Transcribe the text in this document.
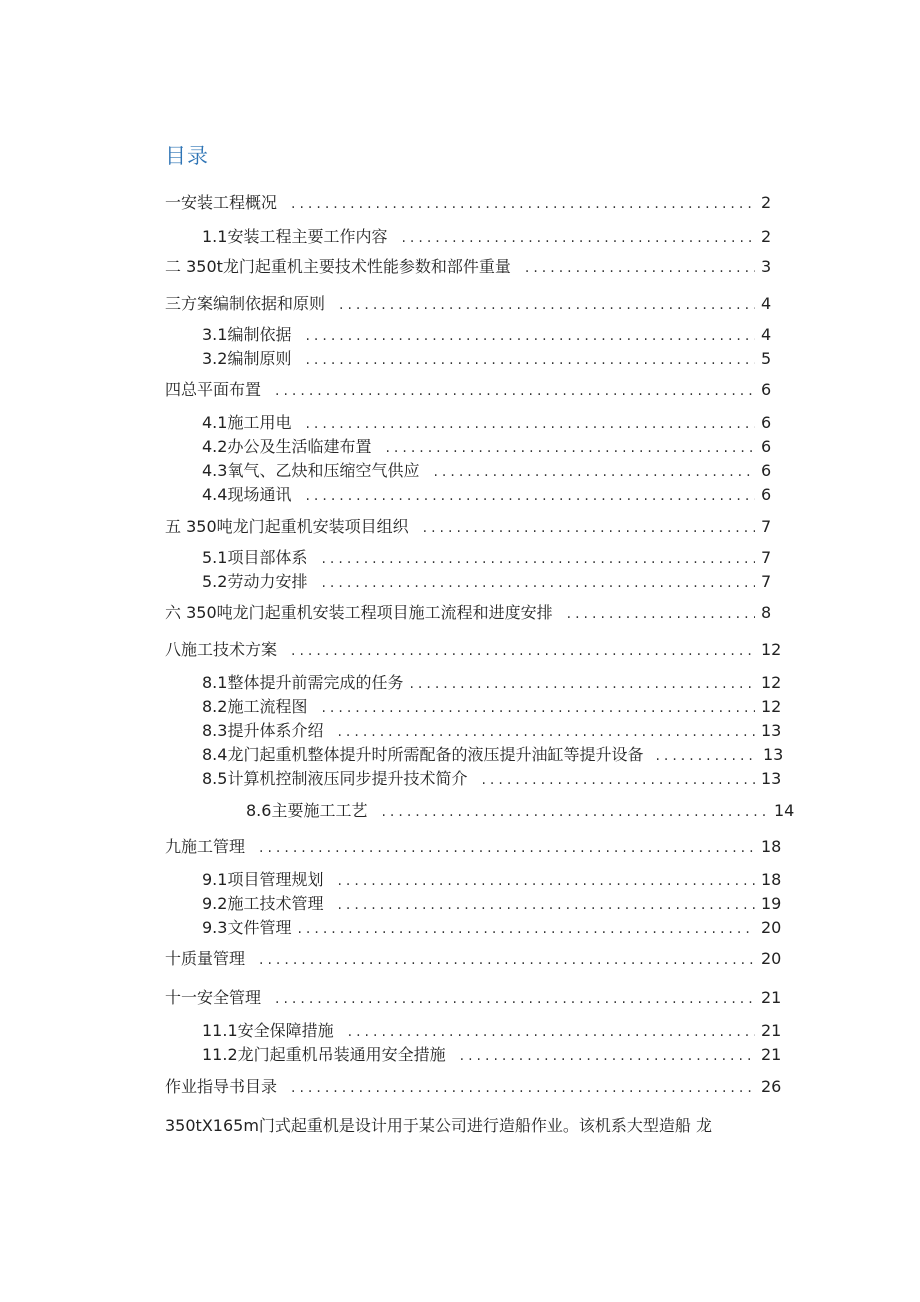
目录
一安装工程概况 .....	2
1.1 安装工程主要工作内容 .....	2
二 350t龙门起重机主要技术性能参数和部件重量 .....	3
三方案编制依据和原则 .....	4
3.1 编制依据 .....	4
3.2 编制原则 .....	5
四总平面布置 .....	6
4.1 施工用电 .....	6
4.2 办公及生活临建布置 .....	6
4.3 氧气、乙炔和压缩空气供应 .....	6
4.4 现场通讯 .....	6
五 350吨龙门起重机安装项目组织 .....	7
5.1 项目部体系 .....	7
5.2 劳动力安排 .....	7
六 350吨龙门起重机安装工程项目施工流程和进度安排 .....	8
八施工技术方案 .....	12
8.1 整体提升前需完成的任务 .....	12
8.2 施工流程图 .....	12
8.3 提升体系介绍 .....	13
8.4 龙门起重机整体提升时所需配备的液压提升油缸等提升设备 .....	13
8.5 计算机控制液压同步提升技术简介 .....	13
8.6 主要施工工艺 .....	14
九施工管理 .....	18
9.1 项目管理规划 .....	18
9.2 施工技术管理 .....	19
9.3 文件管理 .....	20
十质量管理 .....	20
十一安全管理 .....	21
11.1 安全保障措施 .....	21
11.2 龙门起重机吊装通用安全措施 .....	21
作业指导书目录 .....	26
350tX165m门式起重机是设计用于某公司进行造船作业。该机系大型造船 龙
